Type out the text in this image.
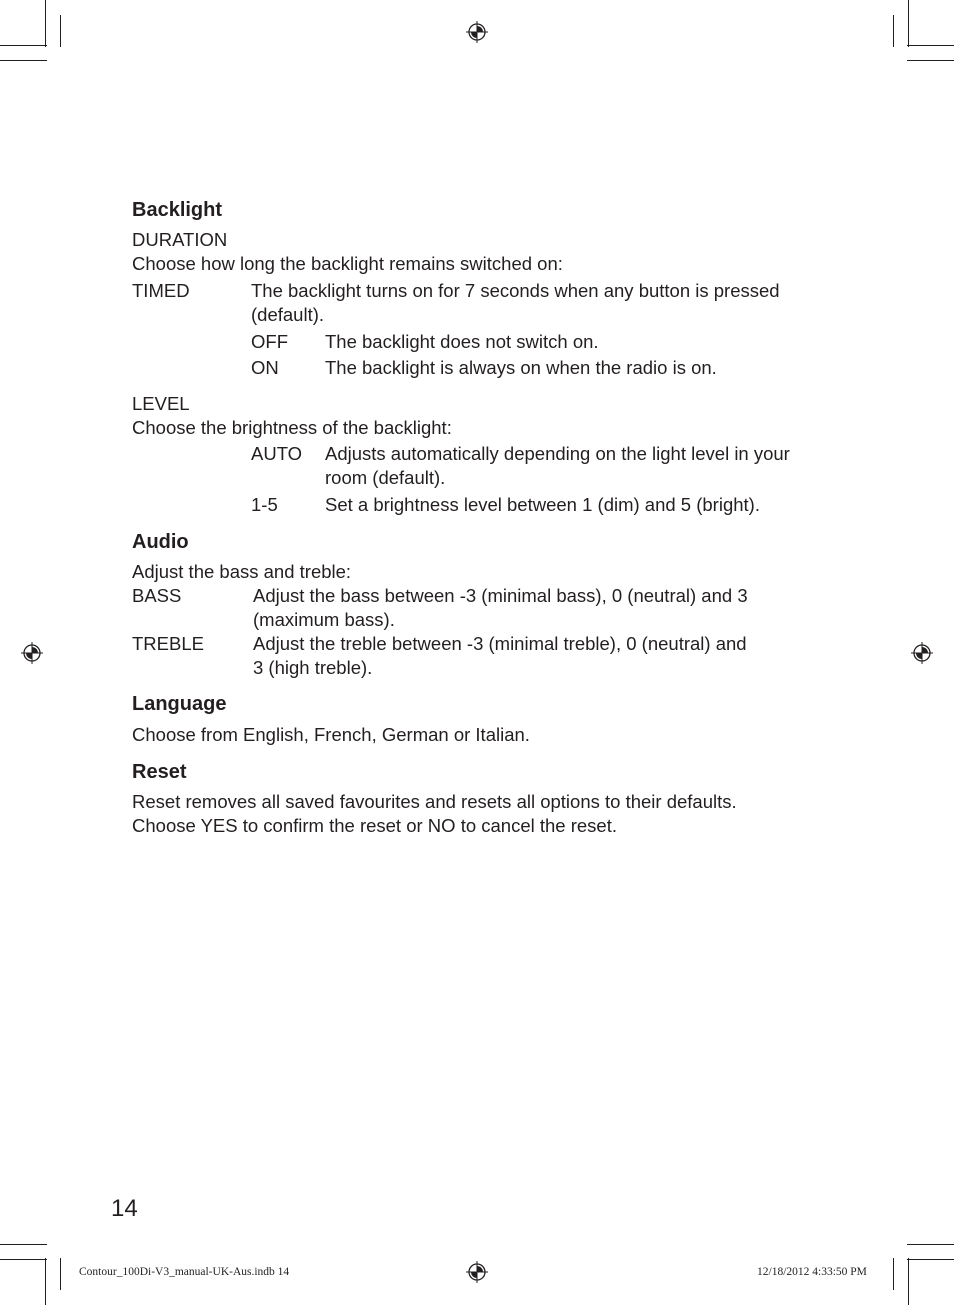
Backlight
DURATION
Choose how long the backlight remains switched on:
TIMED	The backlight turns on for 7 seconds when any button is pressed
(default).
OFF The backlight does not switch on.
ON	The backlight is always on when the radio is on.
LEVEL
Choose the brightness of the backlight:
AUTO Adjusts automatically depending on the light level in your
room (default).
1-5	Set a brightness level between 1 (dim) and 5 (bright).
Audio
Adjust the bass and treble:
BASS	Adjust the bass between -3 (minimal bass), 0 (neutral) and 3
(maximum bass).
TREBLE	Adjust the treble between -3 (minimal treble), 0 (neutral) and
3 (high treble).
Language
Choose from English, French, German or Italian.
Reset
Reset removes all saved favourites and resets all options to their defaults.
Choose YES to confirm the reset or NO to cancel the reset.
14
Contour_100Di-V3_manual-UK-Aus.indb 14	12/18/2012 4:33:50 PM
